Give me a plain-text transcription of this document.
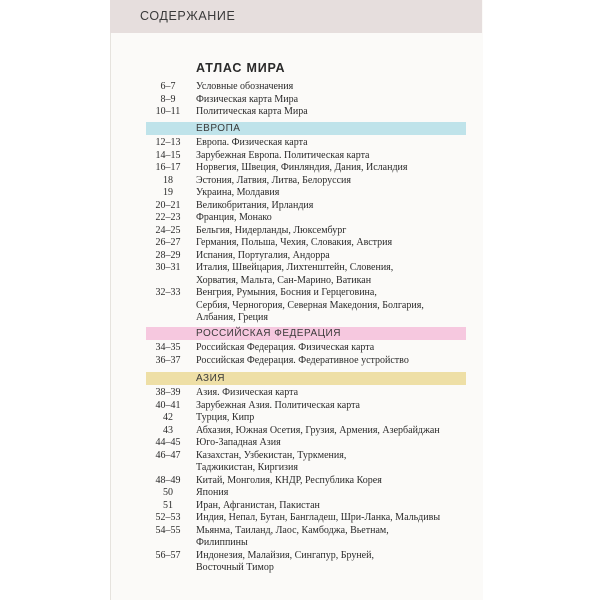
СОДЕРЖАНИЕ
АТЛАС МИРА
6–7	Условные обозначения
8–9	Физическая карта Мира
10–11	Политическая карта Мира
ЕВРОПА
12–13	Европа. Физическая карта
14–15	Зарубежная Европа. Политическая карта
16–17	Норвегия, Швеция, Финляндия, Дания, Исландия
18	Эстония, Латвия, Литва, Белоруссия
19	Украина, Молдавия
20–21	Великобритания, Ирландия
22–23	Франция, Монако
24–25	Бельгия, Нидерланды, Люксембург
26–27	Германия, Польша, Чехия, Словакия, Австрия
28–29	Испания, Португалия, Андорра
30–31	Италия, Швейцария, Лихтенштейн, Словения,
Хорватия, Мальта, Сан-Марино, Ватикан
32–33	Венгрия, Румыния, Босния и Герцеговина,
Сербия, Черногория, Северная Македония, Болгария,
Албания, Греция
РОССИЙСКАЯ ФЕДЕРАЦИЯ
34–35	Российская Федерация. Физическая карта
36–37	Российская Федерация. Федеративное устройство
АЗИЯ
38–39	Азия. Физическая карта
40–41	Зарубежная Азия. Политическая карта
42	Турция, Кипр
43	Абхазия, Южная Осетия, Грузия, Армения, Азербайджан
44–45	Юго-Западная Азия
46–47	Казахстан, Узбекистан, Туркмения,
Таджикистан, Киргизия
48–49	Китай, Монголия, КНДР, Республика Корея
50	Япония
51	Иран, Афганистан, Пакистан
52–53	Индия, Непал, Бутан, Бангладеш, Шри-Ланка, Мальдивы
54–55	Мьянма, Таиланд, Лаос, Камбоджа, Вьетнам,
Филиппины
56–57	Индонезия, Малайзия, Сингапур, Бруней,
Восточный Тимор
